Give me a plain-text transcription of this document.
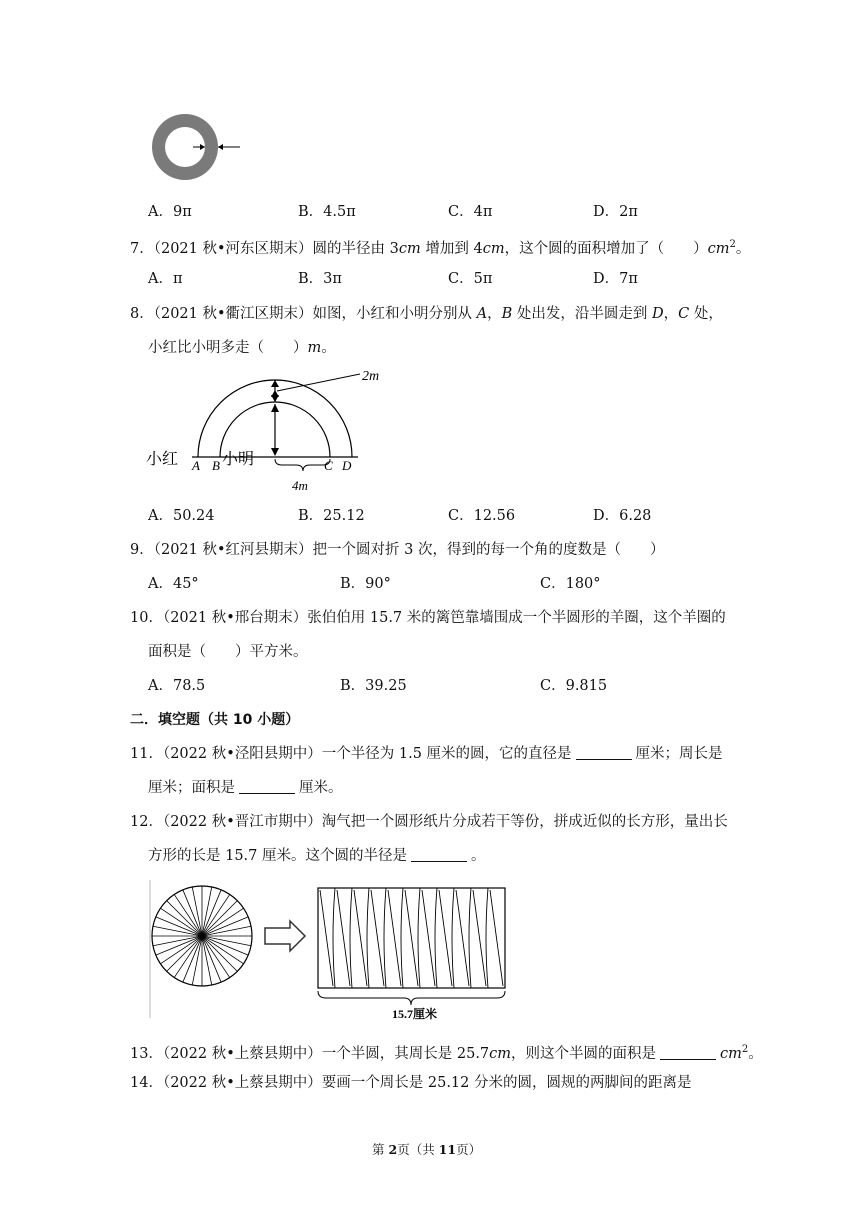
A．9π	B．4.5π	C．4π	D．2π
7．（2021 秋•河东区期末）圆的半径由 3cm 增加到 4cm，这个圆的面积增加了（　　）$cm^2$。
A．π	B．3π	C．5π	D．7π
8．（2021 秋•衢江区期末）如图，小红和小明分别从 A，B 处出发，沿半圆走到 D，C 处，
小红比小明多走（　　）m。
2m
4m
小红 A B 小明	C D
A．50.24	B．25.12	C．12.56	D．6.28
9．（2021 秋•红河县期末）把一个圆对折 3 次，得到的每一个角的度数是（　　）
A．45°	B．90°	C．180°
10．（2021 秋•邢台期末）张伯伯用 15.7 米的篱笆靠墙围成一个半圆形的羊圈，这个羊圈的
面积是（　　）平方米。
A．78.5	B．39.25	C．9.815
二．填空题（共 10 小题）
11．（2022 秋•泾阳县期中）一个半径为 1.5 厘米的圆，它的直径是	厘米；周长是
厘米；面积是	厘米。
12．（2022 秋•晋江市期中）淘气把一个圆形纸片分成若干等份，拼成近似的长方形，量出长
方形的长是 15.7 厘米。这个圆的半径是	。
15.7厘米
13．（2022 秋•上蔡县期中）一个半圆，其周长是 25.7cm，则这个半圆的面积是	$cm^2$。
14．（2022 秋•上蔡县期中）要画一个周长是 25.12 分米的圆，圆规的两脚间的距离是
第 2页（共 11页）
